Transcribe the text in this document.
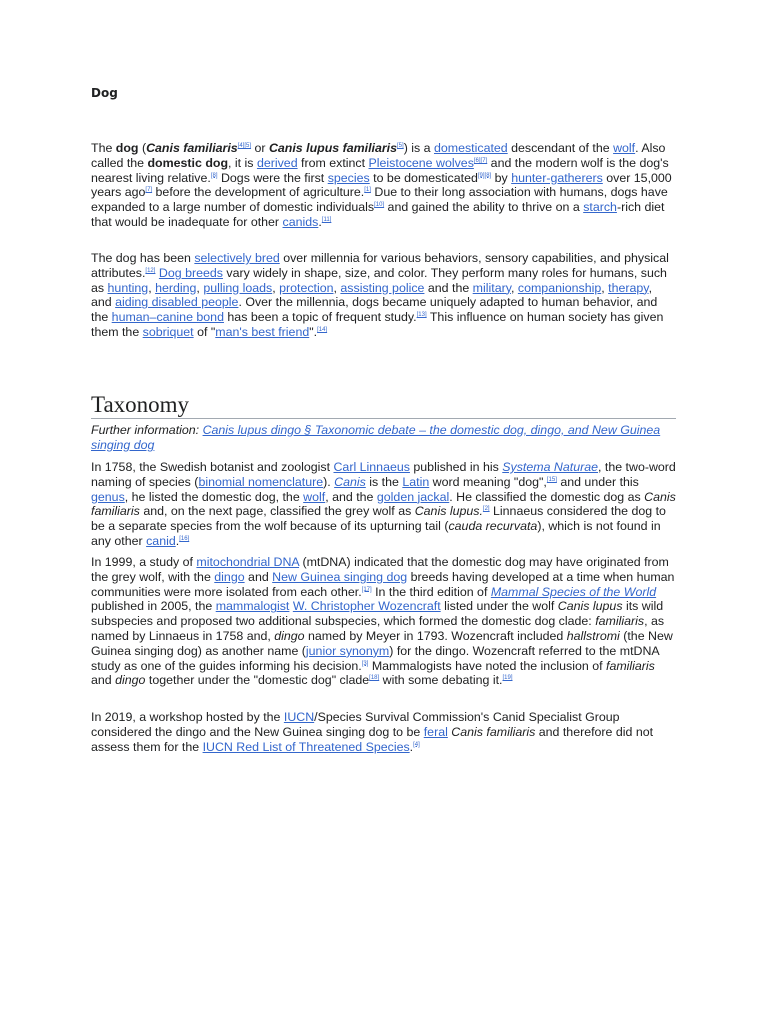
Dog

The dog (Canis familiaris[4][5] or Canis lupus familiaris[5]) is a domesticated descendant of the wolf. Also called the domestic dog, it is derived from extinct Pleistocene wolves[6][7] and the modern wolf is the dog's nearest living relative.[8] Dogs were the first species to be domesticated[9][8] by hunter-gatherers over 15,000 years ago[7] before the development of agriculture.[1] Due to their long association with humans, dogs have expanded to a large number of domestic individuals[10] and gained the ability to thrive on a starch-rich diet that would be inadequate for other canids.[11]

The dog has been selectively bred over millennia for various behaviors, sensory capabilities, and physical attributes.[12] Dog breeds vary widely in shape, size, and color. They perform many roles for humans, such as hunting, herding, pulling loads, protection, assisting police and the military, companionship, therapy, and aiding disabled people. Over the millennia, dogs became uniquely adapted to human behavior, and the human–canine bond has been a topic of frequent study.[13] This influence on human society has given them the sobriquet of "man's best friend".[14]

Taxonomy
Further information: Canis lupus dingo § Taxonomic debate – the domestic dog, dingo, and New Guinea singing dog

In 1758, the Swedish botanist and zoologist Carl Linnaeus published in his Systema Naturae, the two-word naming of species (binomial nomenclature). Canis is the Latin word meaning "dog",[15] and under this genus, he listed the domestic dog, the wolf, and the golden jackal. He classified the domestic dog as Canis familiaris and, on the next page, classified the grey wolf as Canis lupus.[2] Linnaeus considered the dog to be a separate species from the wolf because of its upturning tail (cauda recurvata), which is not found in any other canid.[16]

In 1999, a study of mitochondrial DNA (mtDNA) indicated that the domestic dog may have originated from the grey wolf, with the dingo and New Guinea singing dog breeds having developed at a time when human communities were more isolated from each other.[17] In the third edition of Mammal Species of the World published in 2005, the mammalogist W. Christopher Wozencraft listed under the wolf Canis lupus its wild subspecies and proposed two additional subspecies, which formed the domestic dog clade: familiaris, as named by Linnaeus in 1758 and, dingo named by Meyer in 1793. Wozencraft included hallstromi (the New Guinea singing dog) as another name (junior synonym) for the dingo. Wozencraft referred to the mtDNA study as one of the guides informing his decision.[3] Mammalogists have noted the inclusion of familiaris and dingo together under the "domestic dog" clade[18] with some debating it.[19]

In 2019, a workshop hosted by the IUCN/Species Survival Commission's Canid Specialist Group considered the dingo and the New Guinea singing dog to be feral Canis familiaris and therefore did not assess them for the IUCN Red List of Threatened Species.[4]
